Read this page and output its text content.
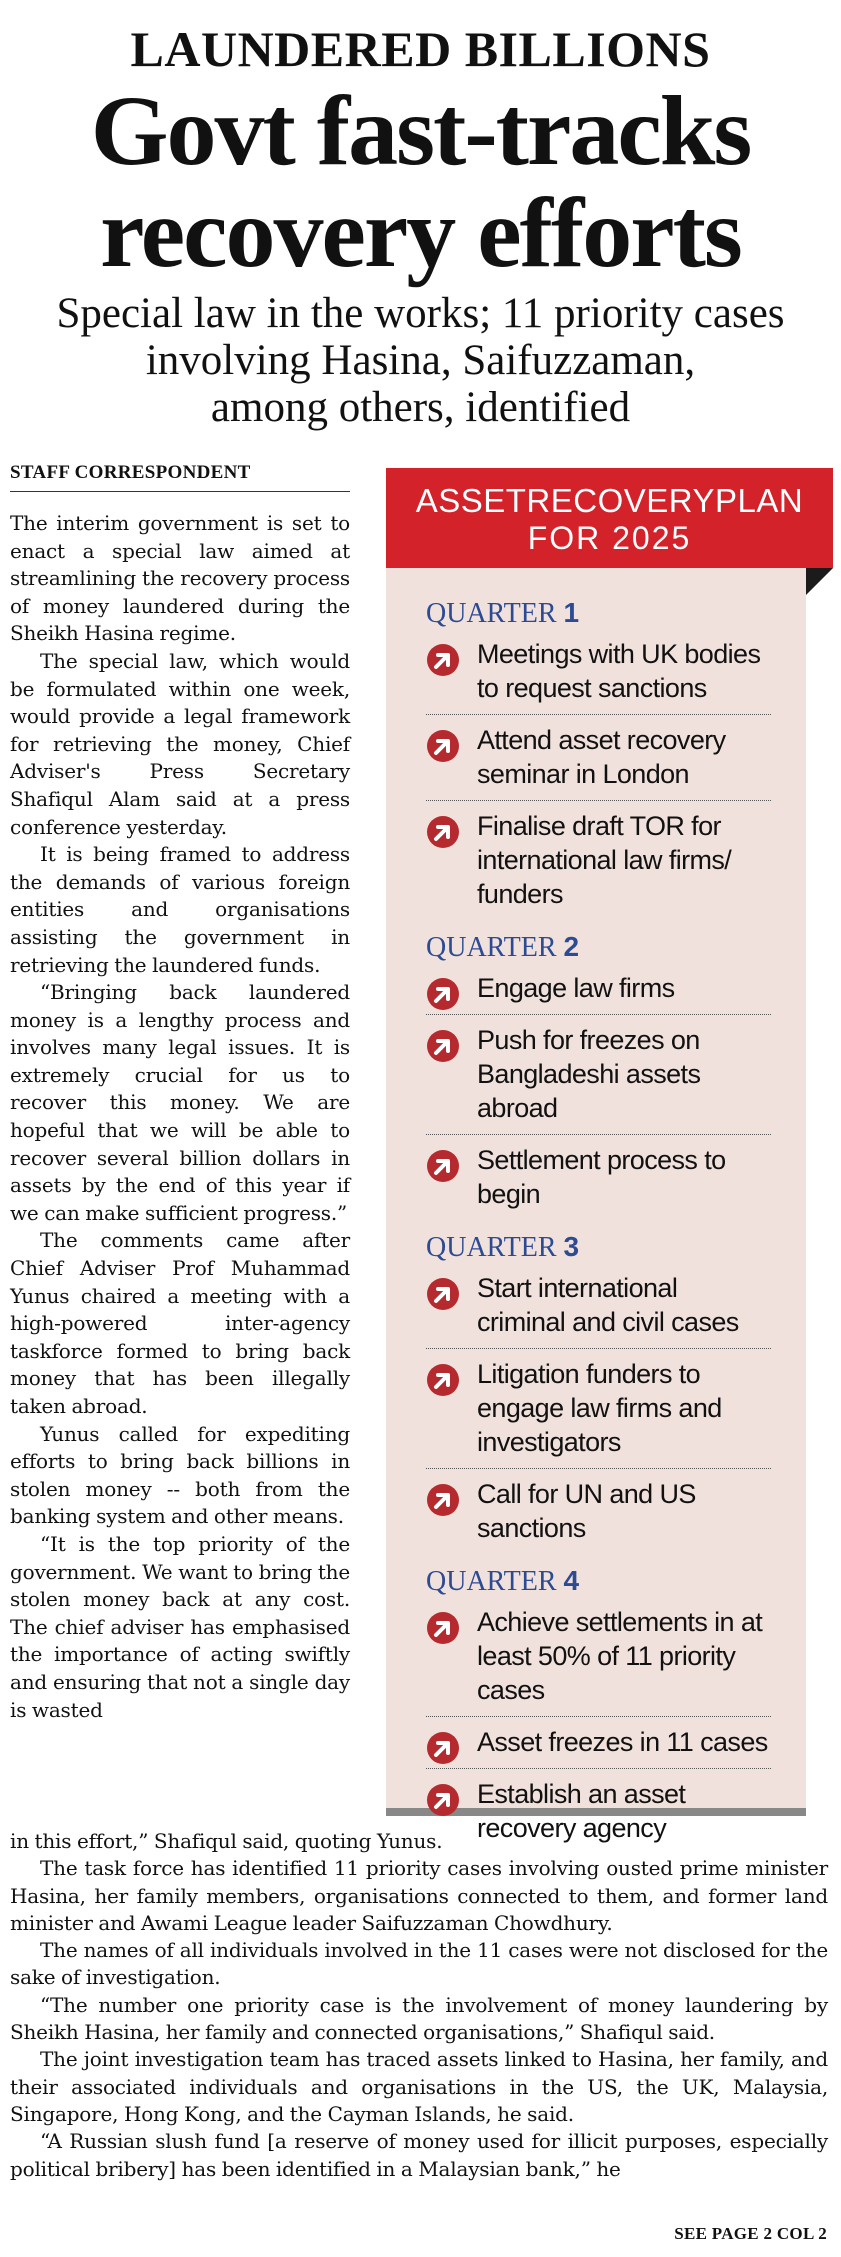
LAUNDERED BILLIONS
Govt fast-tracks
recovery efforts
Special law in the works; 11 priority cases
involving Hasina, Saifuzzaman,
among others, identified
STAFF CORRESPONDENT

The interim government is set to enact a special law aimed at streamlining the recovery process of money laundered during the Sheikh Hasina regime.

The special law, which would be formulated within one week, would provide a legal framework for retrieving the money, Chief Adviser's Press Secretary Shafiqul Alam said at a press conference yesterday.

It is being framed to address the demands of various foreign entities and organisations assisting the government in retrieving the laundered funds.

“Bringing back laundered money is a lengthy process and involves many legal issues. It is extremely crucial for us to recover this money. We are hopeful that we will be able to recover several billion dollars in assets by the end of this year if we can make sufficient progress.”

The comments came after Chief Adviser Prof Muhammad Yunus chaired a meeting with a high-powered inter-agency taskforce formed to bring back money that has been illegally taken abroad.

Yunus called for expediting efforts to bring back billions in stolen money -- both from the banking system and other means.

“It is the top priority of the government. We want to bring the stolen money back at any cost. The chief adviser has emphasised the importance of acting swiftly and ensuring that not a single day is wasted

in this effort,” Shafiqul said, quoting Yunus.

The task force has identified 11 priority cases involving ousted prime minister Hasina, her family members, organisations connected to them, and former land minister and Awami League leader Saifuzzaman Chowdhury.

The names of all individuals involved in the 11 cases were not disclosed for the sake of investigation.

“The number one priority case is the involvement of money laundering by Sheikh Hasina, her family and connected organisations,” Shafiqul said.

The joint investigation team has traced assets linked to Hasina, her family, and their associated individuals and organisations in the US, the UK, Malaysia, Singapore, Hong Kong, and the Cayman Islands, he said.

“A Russian slush fund [a reserve of money used for illicit purposes, especially political bribery] has been identified in a Malaysian bank,” he

SEE PAGE 2 COL 2
ASSETRECOVERYPLAN
FOR 2025
QUARTER 1
Meetings with UK bodies to request sanctions
Attend asset recovery seminar in London
Finalise draft TOR for international law firms/ funders
QUARTER 2
Engage law firms
Push for freezes on Bangladeshi assets abroad
Settlement process to begin
QUARTER 3
Start international criminal and civil cases
Litigation funders to engage law firms and investigators
Call for UN and US sanctions
QUARTER 4
Achieve settlements in at least 50% of 11 priority cases
Asset freezes in 11 cases
Establish an asset recovery agency
